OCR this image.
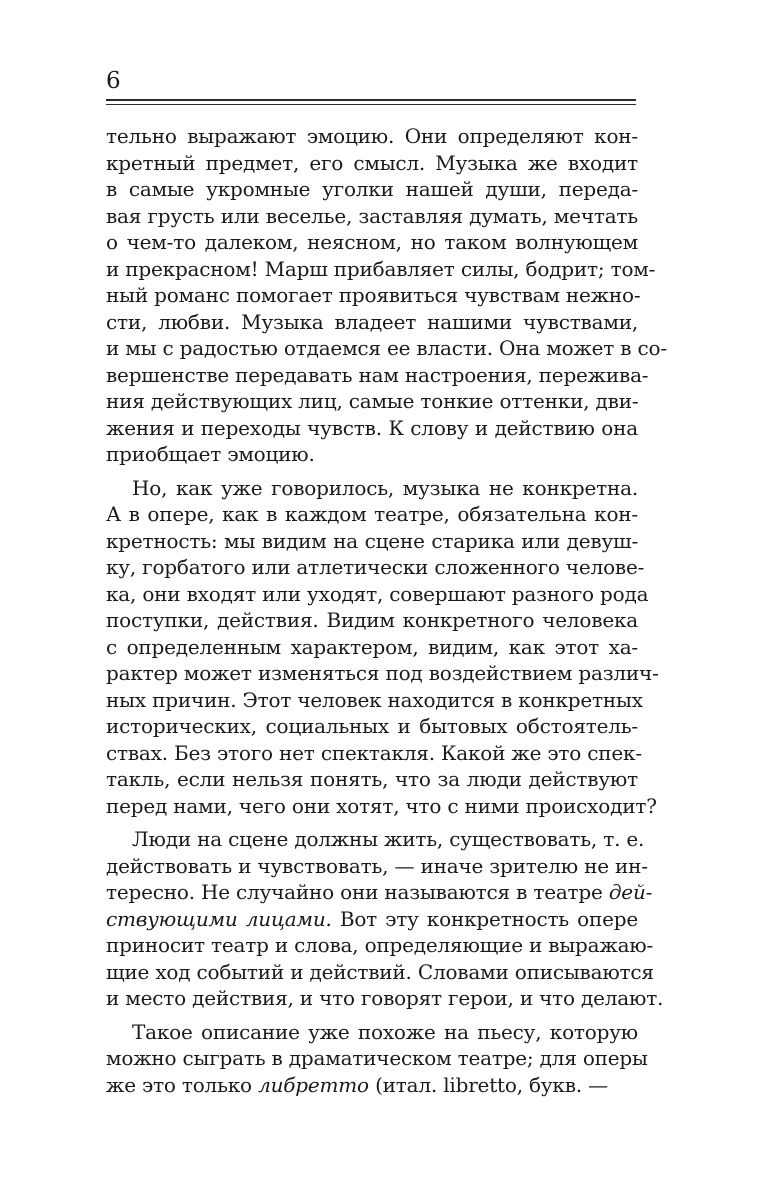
6
тельно выражают эмоцию. Они определяют кон-
кретный предмет, его смысл. Музыка же входит
в самые укромные уголки нашей души, переда-
вая грусть или веселье, заставляя думать, мечтать
о чем-то далеком, неясном, но таком волнующем
и прекрасном! Марш прибавляет силы, бодрит; том-
ный романс помогает проявиться чувствам нежно-
сти, любви. Музыка владеет нашими чувствами,
и мы с радостью отдаемся ее власти. Она может в со-
вершенстве передавать нам настроения, пережива-
ния действующих лиц, самые тонкие оттенки, дви-
жения и переходы чувств. К слову и действию она
приобщает эмоцию.
Но, как уже говорилось, музыка не конкретна.
А в опере, как в каждом театре, обязательна кон-
кретность: мы видим на сцене старика или девуш-
ку, горбатого или атлетически сложенного челове-
ка, они входят или уходят, совершают разного рода
поступки, действия. Видим конкретного человека
с определенным характером, видим, как этот ха-
рактер может изменяться под воздействием различ-
ных причин. Этот человек находится в конкретных
исторических, социальных и бытовых обстоятель-
ствах. Без этого нет спектакля. Какой же это спек-
такль, если нельзя понять, что за люди действуют
перед нами, чего они хотят, что с ними происходит?
Люди на сцене должны жить, существовать, т. е.
действовать и чувствовать, — иначе зрителю не ин-
тересно. Не случайно они называются в театре дей-
ствующими лицами. Вот эту конкретность опере
приносит театр и слова, определяющие и выражаю-
щие ход событий и действий. Словами описываются
и место действия, и что говорят герои, и что делают.
Такое описание уже похоже на пьесу, которую
можно сыграть в драматическом театре; для оперы
же это только либретто (итал. libretto, букв. —
